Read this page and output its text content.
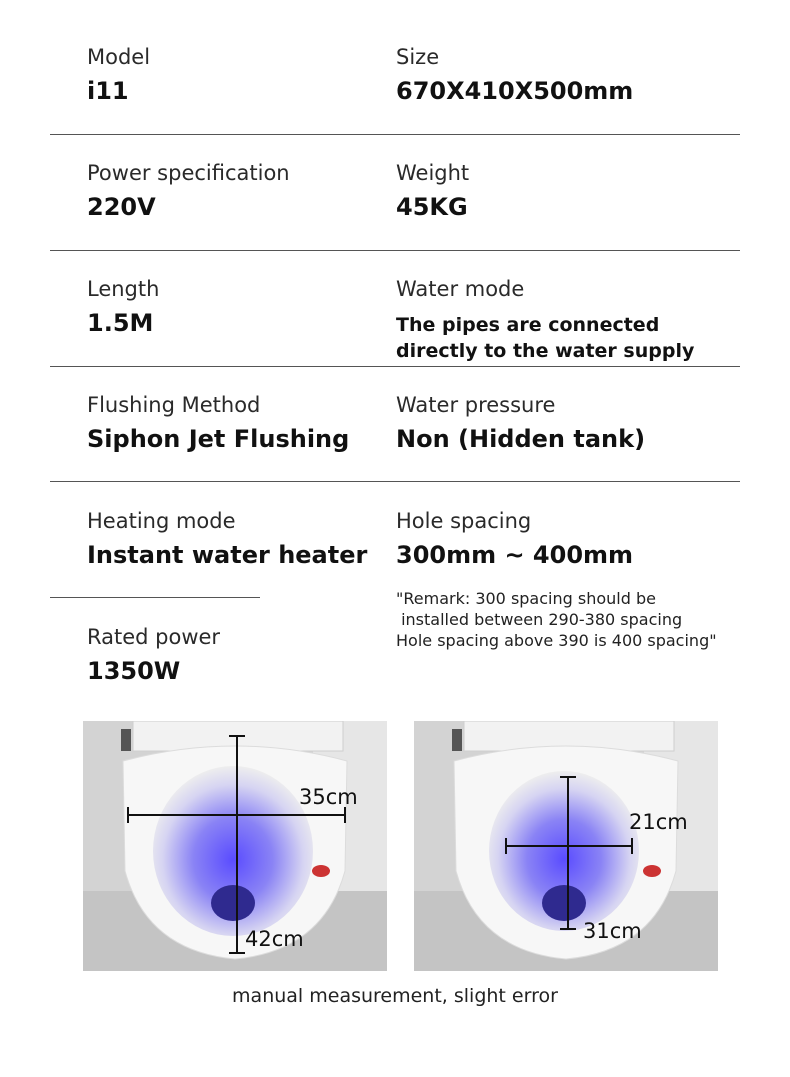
Model
i11
Size
670X410X500mm
Power specification
220V
Weight
45KG
Length
1.5M
Water mode
The pipes are connected directly to the water supply
Flushing Method
Siphon Jet Flushing
Water pressure
Non (Hidden tank)
Heating mode
Instant water heater
Hole spacing
300mm ~ 400mm
"Remark: 300 spacing should be
installed between 290-380 spacing
Hole spacing above 390 is 400 spacing"
Rated power
1350W
35cm
42cm
21cm
31cm
manual measurement, slight error
